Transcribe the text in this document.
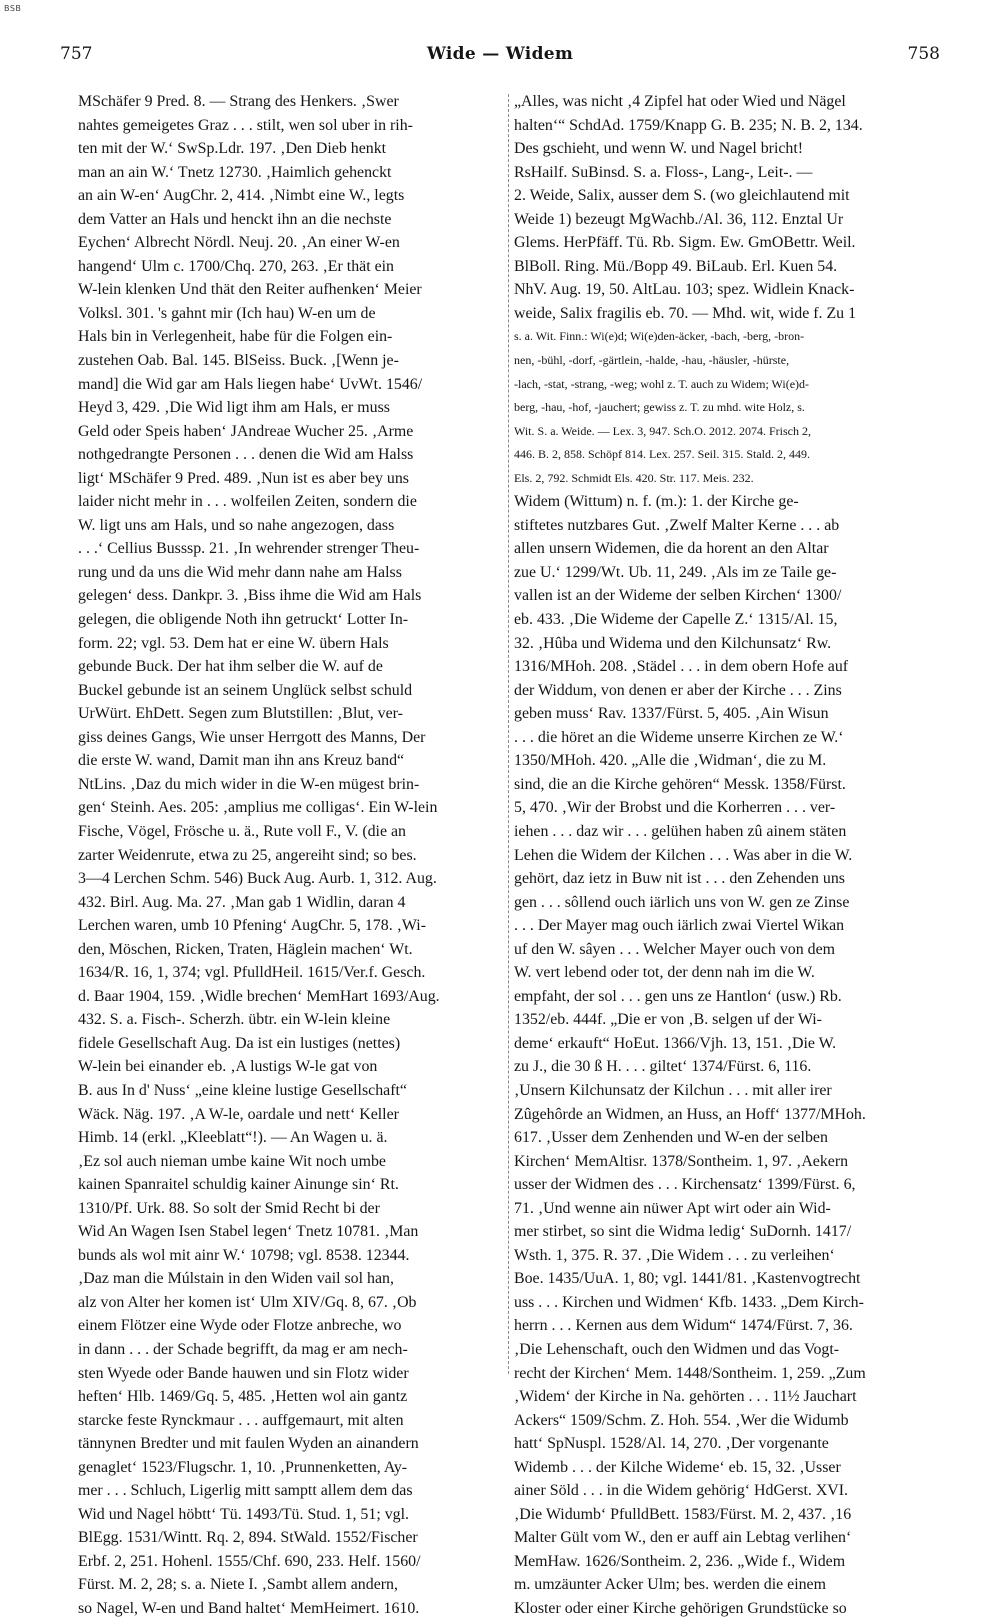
BSB
757	Wide — Widem	758
MSchäfer 9 Pred. 8. — Strang des Henkers. ‚Swer
nahtes gemeigetes Graz . . . stilt, wen sol uber in rih-
ten mit der W.‘ SwSp.Ldr. 197. ‚Den Dieb henkt
man an ain W.‘ Tnetz 12730. ‚Haimlich gehenckt
an ain W-en‘ AugChr. 2, 414. ‚Nimbt eine W., legts
dem Vatter an Hals und henckt ihn an die nechste
Eychen‘ Albrecht Nördl. Neuj. 20. ‚An einer W-en
hangend‘ Ulm c. 1700/Chq. 270, 263. ‚Er thät ein
W-lein klenken Und thät den Reiter aufhenken‘ Meier
Volksl. 301. 's gahnt mir (Ich hau) W-en um de
Hals bin in Verlegenheit, habe für die Folgen ein-
zustehen Oab. Bal. 145. BlSeiss. Buck. ‚[Wenn je-
mand] die Wid gar am Hals liegen habe‘ UvWt. 1546/
Heyd 3, 429. ‚Die Wid ligt ihm am Hals, er muss
Geld oder Speis haben‘ JAndreae Wucher 25. ‚Arme
nothgedrangte Personen . . . denen die Wid am Halss
ligt‘ MSchäfer 9 Pred. 489. ‚Nun ist es aber bey uns
laider nicht mehr in . . . wolfeilen Zeiten, sondern die
W. ligt uns am Hals, und so nahe angezogen, dass
. . .‘ Cellius Busssp. 21. ‚In wehrender strenger Theu-
rung und da uns die Wid mehr dann nahe am Halss
gelegen‘ dess. Dankpr. 3. ‚Biss ihme die Wid am Hals
gelegen, die obligende Noth ihn getruckt‘ Lotter In-
form. 22; vgl. 53. Dem hat er eine W. übern Hals
gebunde Buck. Der hat ihm selber die W. auf de
Buckel gebunde ist an seinem Unglück selbst schuld
UrWürt. EhDett. Segen zum Blutstillen: ‚Blut, ver-
giss deines Gangs, Wie unser Herrgott des Manns, Der
die erste W. wand, Damit man ihn ans Kreuz band“
NtLins. ‚Daz du mich wider in die W-en mügest brin-
gen‘ Steinh. Aes. 205: ‚amplius me colligas‘. Ein W-lein
Fische, Vögel, Frösche u. ä., Rute voll F., V. (die an
zarter Weidenrute, etwa zu 25, angereiht sind; so bes.
3—4 Lerchen Schm. 546) Buck Aug. Aurb. 1, 312. Aug.
432. Birl. Aug. Ma. 27. ‚Man gab 1 Widlin, daran 4
Lerchen waren, umb 10 Pfening‘ AugChr. 5, 178. ‚Wi-
den, Möschen, Ricken, Traten, Häglein machen‘ Wt.
1634/R. 16, 1, 374; vgl. PfulldHeil. 1615/Ver.f. Gesch.
d. Baar 1904, 159. ‚Widle brechen‘ MemHart 1693/Aug.
432. S. a. Fisch-. Scherzh. übtr. ein W-lein kleine
fidele Gesellschaft Aug. Da ist ein lustiges (nettes)
W-lein bei einander eb. ‚A lustigs W-le gat von
B. aus In d' Nuss‘ „eine kleine lustige Gesellschaft“
Wäck. Näg. 197. ‚A W-le, oardale und nett‘ Keller
Himb. 14 (erkl. „Kleeblatt“!). — An Wagen u. ä.
‚Ez sol auch nieman umbe kaine Wit noch umbe
kainen Spanraitel schuldig kainer Ainunge sin‘ Rt.
1310/Pf. Urk. 88. So solt der Smid Recht bi der
Wid An Wagen Isen Stabel legen‘ Tnetz 10781. ‚Man
bunds als wol mit ainr W.‘ 10798; vgl. 8538. 12344.
‚Daz man die Múlstain in den Widen vail sol han,
alz von Alter her komen ist‘ Ulm XIV/Gq. 8, 67. ‚Ob
einem Flötzer eine Wyde oder Flotze anbreche, wo
in dann . . . der Schade begrifft, da mag er am nech-
sten Wyede oder Bande hauwen und sin Flotz wider
heften‘ Hlb. 1469/Gq. 5, 485. ‚Hetten wol ain gantz
starcke feste Rynckmaur . . . auffgemaurt, mit alten
tännynen Bredter und mit faulen Wyden an ainandern
genaglet‘ 1523/Flugschr. 1, 10. ‚Prunnenketten, Ay-
mer . . . Schluch, Ligerlig mitt samptt allem dem das
Wid und Nagel höbtt‘ Tü. 1493/Tü. Stud. 1, 51; vgl.
BlEgg. 1531/Wintt. Rq. 2, 894. StWald. 1552/Fischer
Erbf. 2, 251. Hohenl. 1555/Chf. 690, 233. Helf. 1560/
Fürst. M. 2, 28; s. a. Niete I. ‚Sambt allem andern,
so Nagel, W-en und Band haltet‘ MemHeimert. 1610.
„Alles, was nicht ‚4 Zipfel hat oder Wied und Nägel
halten‘“ SchdAd. 1759/Knapp G. B. 235; N. B. 2, 134.
Des gschieht, und wenn W. und Nagel bricht!
RsHailf. SuBinsd. S. a. Floss-, Lang-, Leit-. —
2. Weide, Salix, ausser dem S. (wo gleichlautend mit
Weide 1) bezeugt MgWachb./Al. 36, 112. Enztal Ur
Glems. HerPfäff. Tü. Rb. Sigm. Ew. GmOBettr. Weil.
BlBoll. Ring. Mü./Bopp 49. BiLaub. Erl. Kuen 54.
NhV. Aug. 19, 50. AltLau. 103; spez. Widlein Knack-
weide, Salix fragilis eb. 70. — Mhd. wit, wide f. Zu 1
s. a. Wit. Finn.: Wi(e)d; Wi(e)den-äcker, -bach, -berg, -bron-
nen, -bühl, -dorf, -gärtlein, -halde, -hau, -häusler, -hürste,
-lach, -stat, -strang, -weg; wohl z. T. auch zu Widem; Wi(e)d-
berg, -hau, -hof, -jauchert; gewiss z. T. zu mhd. wite Holz, s.
Wit. S. a. Weide. — Lex. 3, 947. Sch.O. 2012. 2074. Frisch 2,
446. B. 2, 858. Schöpf 814. Lex. 257. Seil. 315. Stald. 2, 449.
Els. 2, 792. Schmidt Els. 420. Str. 117. Meis. 232.
Widem (Wittum) n. f. (m.): 1. der Kirche ge-
stiftetes nutzbares Gut. ‚Zwelf Malter Kerne . . . ab
allen unsern Widemen, die da horent an den Altar
zue U.‘ 1299/Wt. Ub. 11, 249. ‚Als im ze Taile ge-
vallen ist an der Wideme der selben Kirchen‘ 1300/
eb. 433. ‚Die Wideme der Capelle Z.‘ 1315/Al. 15,
32. ‚Hûba und Widema und den Kilchunsatz‘ Rw.
1316/MHoh. 208. ‚Städel . . . in dem obern Hofe auf
der Widdum, von denen er aber der Kirche . . . Zins
geben muss‘ Rav. 1337/Fürst. 5, 405. ‚Ain Wisun
. . . die höret an die Wideme unserre Kirchen ze W.‘
1350/MHoh. 420. „Alle die ‚Widman‘, die zu M.
sind, die an die Kirche gehören“ Messk. 1358/Fürst.
5, 470. ‚Wir der Brobst und die Korherren . . . ver-
iehen . . . daz wir . . . gelühen haben zû ainem stäten
Lehen die Widem der Kilchen . . . Was aber in die W.
gehört, daz ietz in Buw nit ist . . . den Zehenden uns
gen . . . sôllend ouch iärlich uns von W. gen ze Zinse
. . . Der Mayer mag ouch iärlich zwai Viertel Wikan
uf den W. sâyen . . . Welcher Mayer ouch von dem
W. vert lebend oder tot, der denn nah im die W.
empfaht, der sol . . . gen uns ze Hantlon‘ (usw.) Rb.
1352/eb. 444f. „Die er von ‚B. selgen uf der Wi-
deme‘ erkauft“ HoEut. 1366/Vjh. 13, 151. ‚Die W.
zu J., die 30 ß H. . . . giltet‘ 1374/Fürst. 6, 116.
‚Unsern Kilchunsatz der Kilchun . . . mit aller irer
Zûgehôrde an Widmen, an Huss, an Hoff‘ 1377/MHoh.
617. ‚Usser dem Zenhenden und W-en der selben
Kirchen‘ MemAltisr. 1378/Sontheim. 1, 97. ‚Aekern
usser der Widmen des . . . Kirchensatz‘ 1399/Fürst. 6,
71. ‚Und wenne ain nüwer Apt wirt oder ain Wid-
mer stirbet, so sint die Widma ledig‘ SuDornh. 1417/
Wsth. 1, 375. R. 37. ‚Die Widem . . . zu verleihen‘
Boe. 1435/UuA. 1, 80; vgl. 1441/81. ‚Kastenvogtrecht
uss . . . Kirchen und Widmen‘ Kfb. 1433. „Dem Kirch-
herrn . . . Kernen aus dem Widum“ 1474/Fürst. 7, 36.
‚Die Lehenschaft, ouch den Widmen und das Vogt-
recht der Kirchen‘ Mem. 1448/Sontheim. 1, 259. „Zum
‚Widem‘ der Kirche in Na. gehörten . . . 11½ Jauchart
Ackers“ 1509/Schm. Z. Hoh. 554. ‚Wer die Widumb
hatt‘ SpNuspl. 1528/Al. 14, 270. ‚Der vorgenante
Widemb . . . der Kilche Wideme‘ eb. 15, 32. ‚Usser
ainer Söld . . . in die Widem gehörig‘ HdGerst. XVI.
‚Die Widumb‘ PfulldBett. 1583/Fürst. M. 2, 437. ‚16
Malter Gült vom W., den er auff ain Lebtag verlihen‘
MemHaw. 1626/Sontheim. 2, 236. „Wide f., Widem
m. umzäunter Acker Ulm; bes. werden die einem
Kloster oder einer Kirche gehörigen Grundstücke so
